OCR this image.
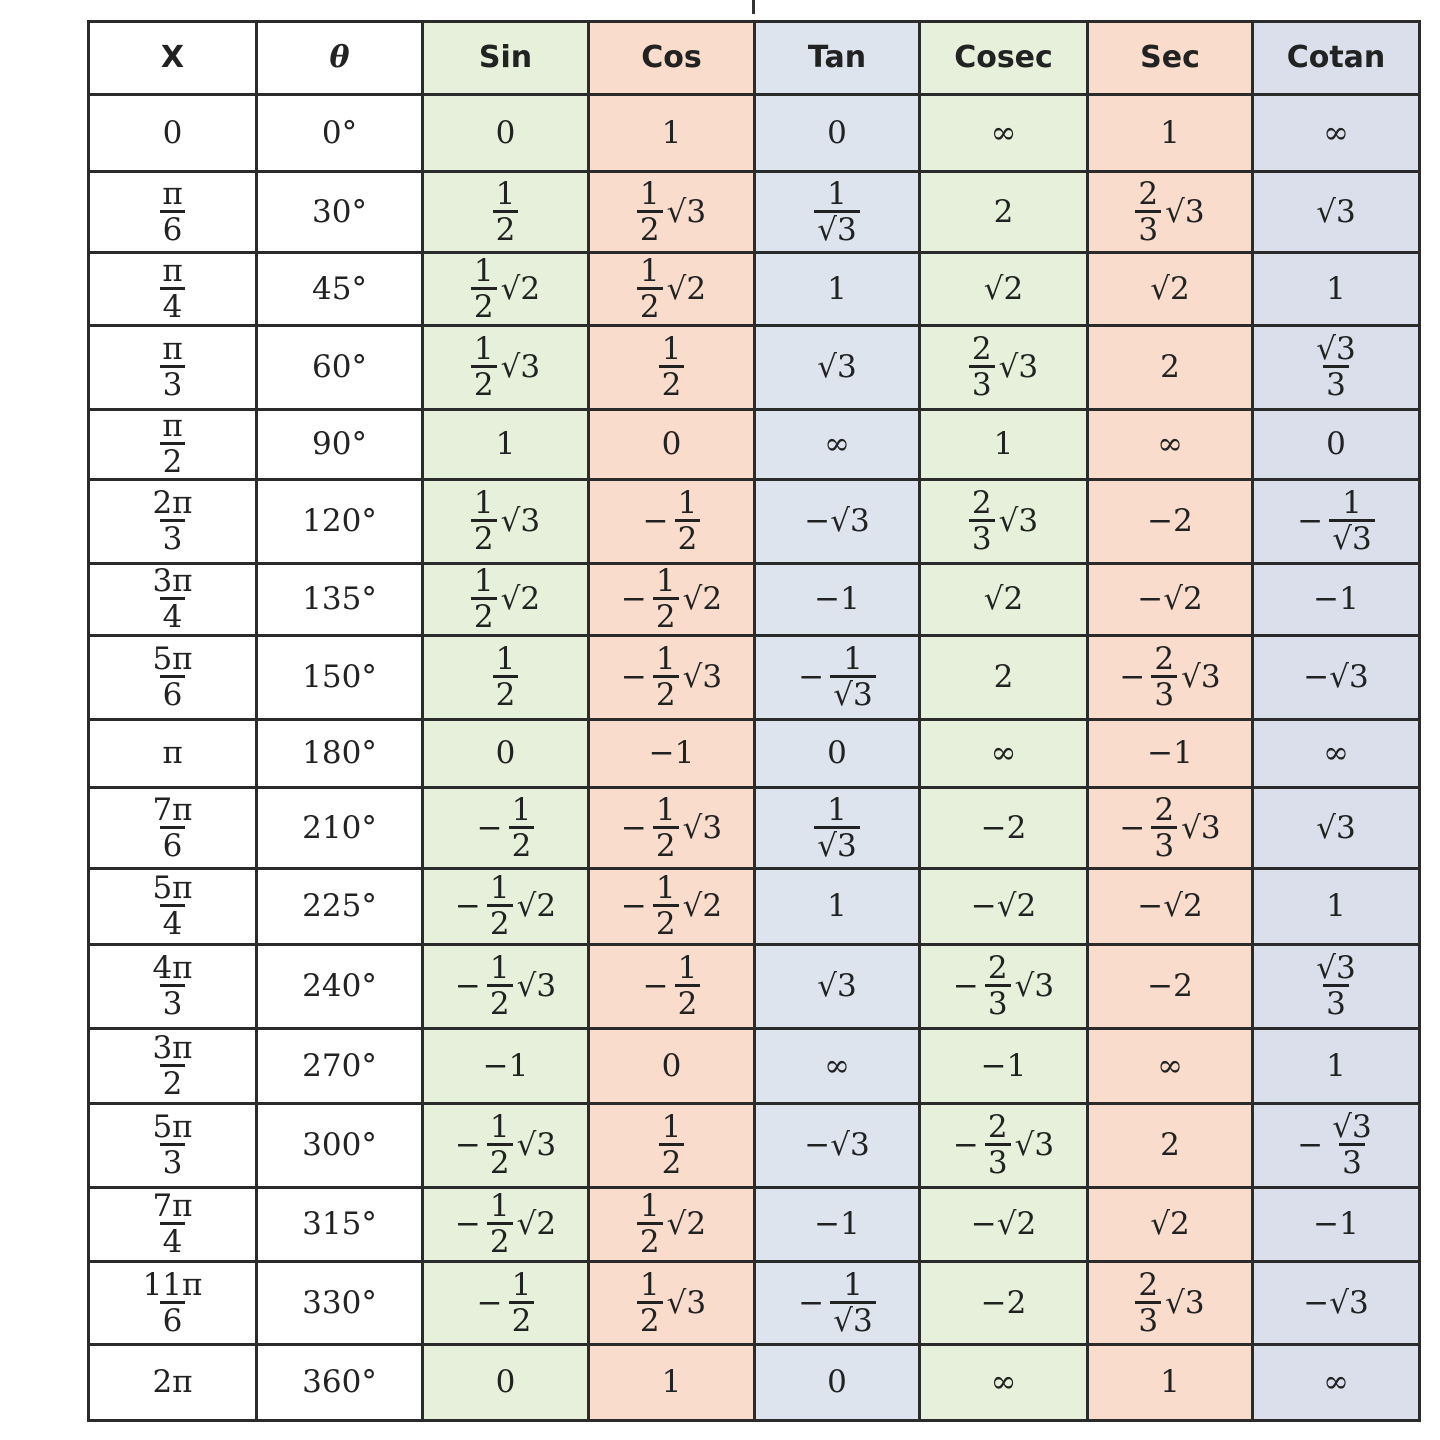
X	θ	Sin	Cos	Tan	Cosec	Sec	Cotan

0	0°	0	1	0	∞	1	∞

$\frac{\pi}{6}$	30°	$\frac{1}{2}$	$\frac{1}{2} √3$	$\frac{1}{√3}$	2	$\frac{2}{3} √3$	√3

$\frac{\pi}{4}$	45°	$\frac{1}{2} √2$	$\frac{1}{2} √2$	1	√2	√2	1

$\frac{\pi}{3}$	60°	$\frac{1}{2} √3$	$\frac{1}{2}$	√3	$\frac{2}{3} √3$	2	$\frac{√3}{3}$

$\frac{\pi}{2}$	90°	1	0	∞	1	∞	0

$\frac{2\pi}{3}$	120°	$\frac{1}{2} √3$	− $\frac{1}{2}$	−√3	$\frac{2}{3} √3$	−2	− $\frac{1}{√3}$

$\frac{3\pi}{4}$	135°	$\frac{1}{2} √2$	− $\frac{1}{2} √2$	−1	√2	−√2	−1

$\frac{5\pi}{6}$	150°	$\frac{1}{2}$	− $\frac{1}{2} √3$	− $\frac{1}{√3}$	2	− $\frac{2}{3} √3$	−√3

π	180°	0	−1	0	∞	−1	∞

$\frac{7\pi}{6}$	210°	− $\frac{1}{2}$	− $\frac{1}{2} √3$	$\frac{1}{√3}$	−2	− $\frac{2}{3} √3$	√3

$\frac{5\pi}{4}$	225°	− $\frac{1}{2} √2$	− $\frac{1}{2} √2$	1	−√2	−√2	1

$\frac{4\pi}{3}$	240°	− $\frac{1}{2} √3$	− $\frac{1}{2}$	√3	− $\frac{2}{3} √3$	−2	$\frac{√3}{3}$

$\frac{3\pi}{2}$	270°	−1	0	∞	−1	∞	1

$\frac{5\pi}{3}$	300°	− $\frac{1}{2} √3$	$\frac{1}{2}$	−√3	− $\frac{2}{3} √3$	2	− $\frac{√3}{3}$

$\frac{7\pi}{4}$	315°	− $\frac{1}{2} √2$	$\frac{1}{2} √2$	−1	−√2	√2	−1

$\frac{11\pi}{6}$	330°	− $\frac{1}{2}$	$\frac{1}{2} √3$	− $\frac{1}{√3}$	−2	$\frac{2}{3} √3$	−√3

2π	360°	0	1	0	∞	1	∞
